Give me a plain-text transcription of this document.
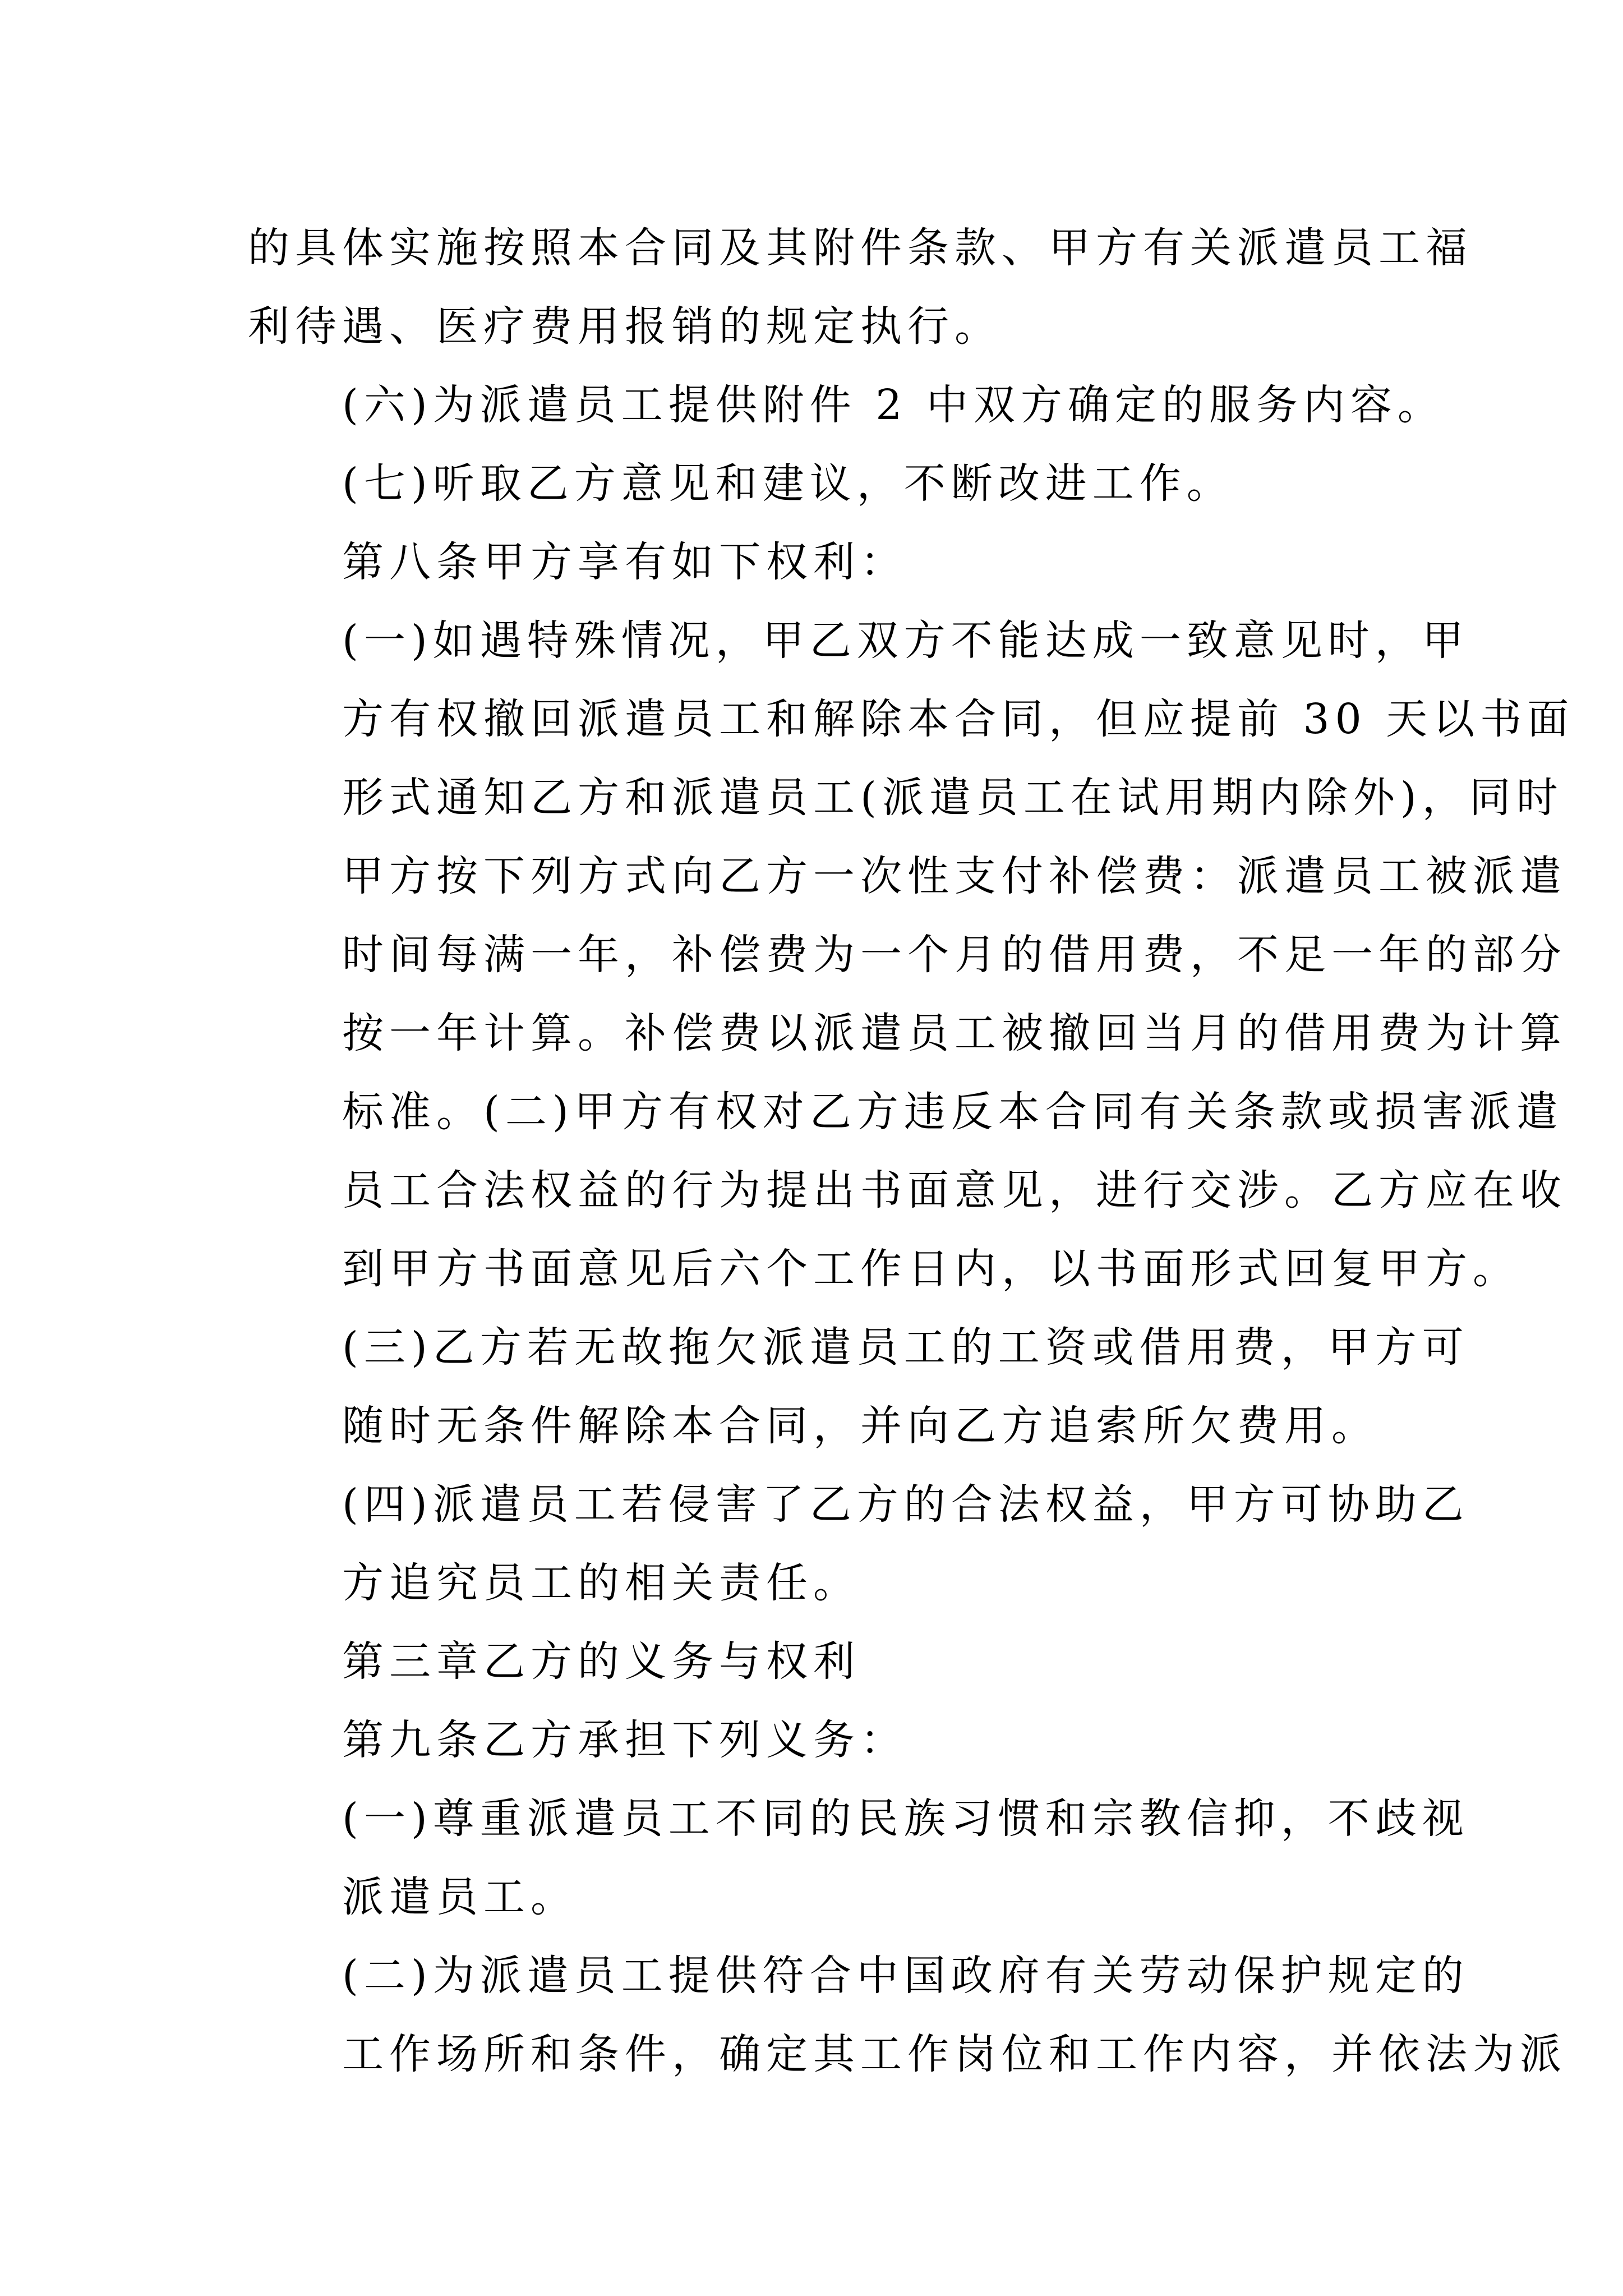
的具体实施按照本合同及其附件条款、甲方有关派遣员工福
利待遇、医疗费用报销的规定执行。
(六)为派遣员工提供附件 2 中双方确定的服务内容。
(七)听取乙方意见和建议，不断改进工作。
第八条甲方享有如下权利：
(一)如遇特殊情况，甲乙双方不能达成一致意见时，甲
方有权撤回派遣员工和解除本合同，但应提前 30 天以书面
形式通知乙方和派遣员工(派遣员工在试用期内除外)，同时
甲方按下列方式向乙方一次性支付补偿费：派遣员工被派遣
时间每满一年，补偿费为一个月的借用费，不足一年的部分
按一年计算。补偿费以派遣员工被撤回当月的借用费为计算
标准。(二)甲方有权对乙方违反本合同有关条款或损害派遣
员工合法权益的行为提出书面意见，进行交涉。乙方应在收
到甲方书面意见后六个工作日内，以书面形式回复甲方。
(三)乙方若无故拖欠派遣员工的工资或借用费，甲方可
随时无条件解除本合同，并向乙方追索所欠费用。
(四)派遣员工若侵害了乙方的合法权益，甲方可协助乙
方追究员工的相关责任。
第三章乙方的义务与权利
第九条乙方承担下列义务：
(一)尊重派遣员工不同的民族习惯和宗教信抑，不歧视
派遣员工。
(二)为派遣员工提供符合中国政府有关劳动保护规定的
工作场所和条件，确定其工作岗位和工作内容，并依法为派
